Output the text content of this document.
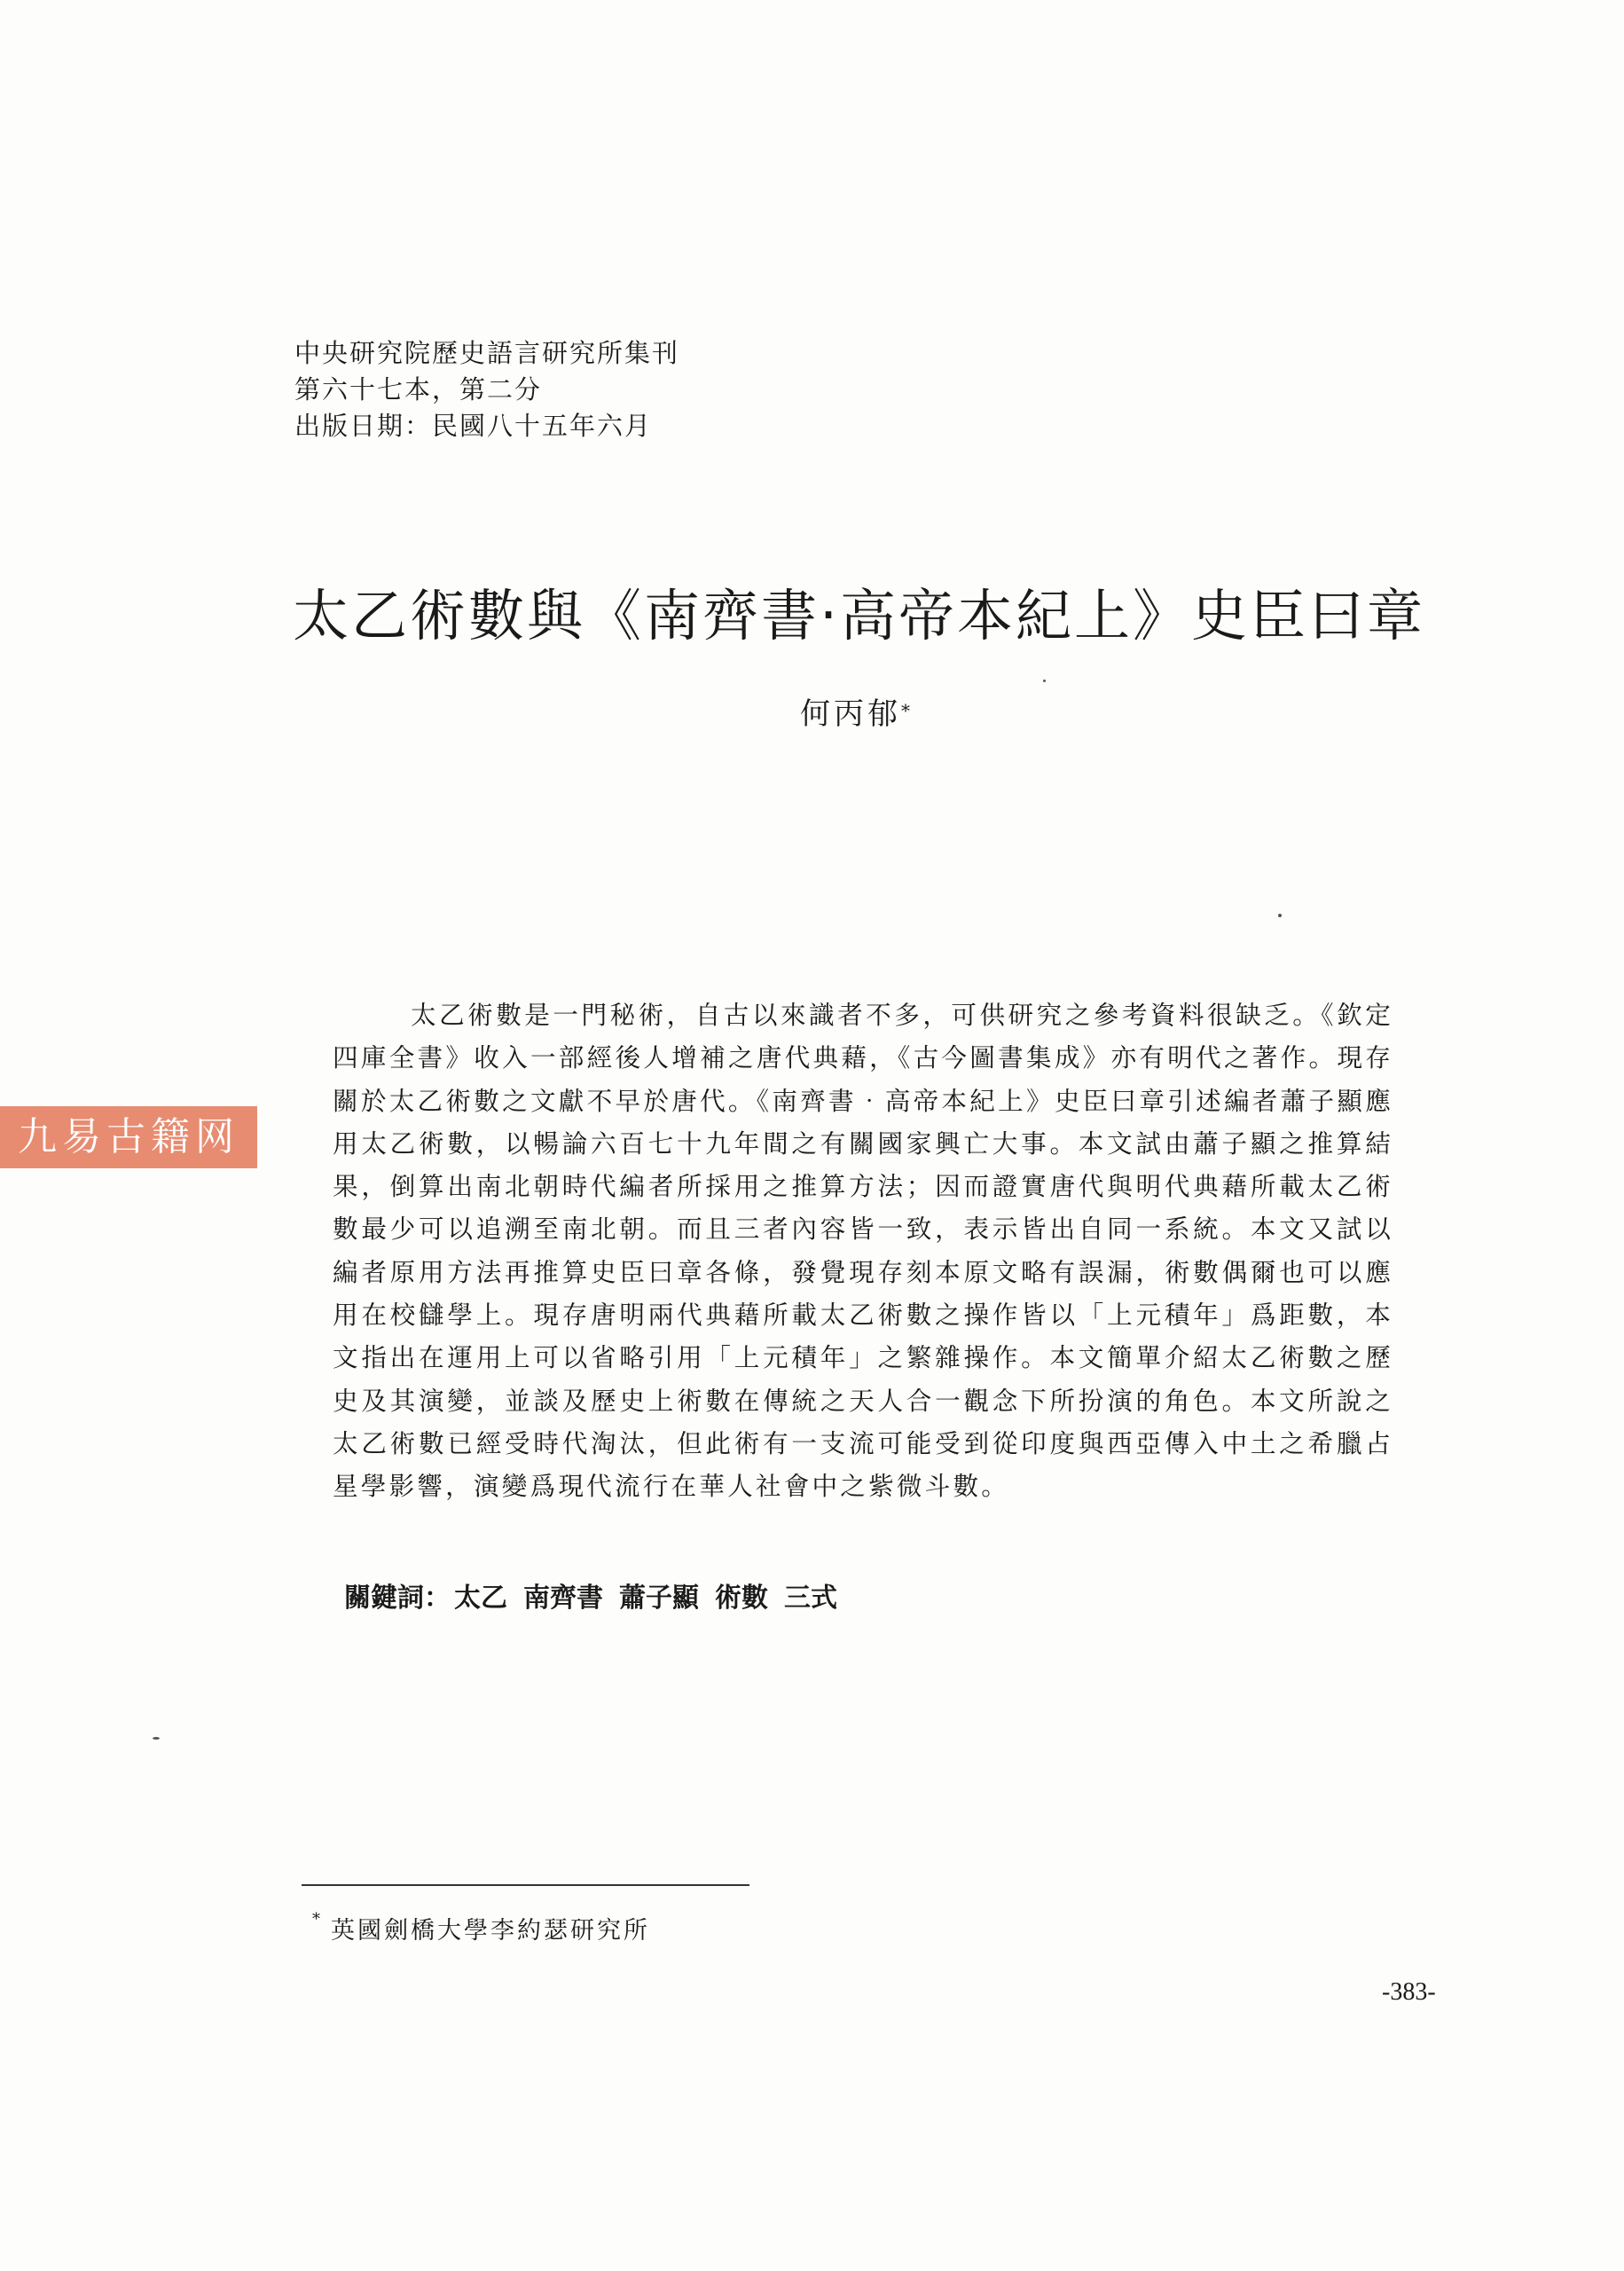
中央研究院歷史語言研究所集刊
第六十七本，第二分
出版日期：民國八十五年六月
太乙術數與《南齊書‧高帝本紀上》史臣曰章
何丙郁*

太乙術數是一門秘術，自古以來識者不多，可供研究之參考資料很缺乏。《欽定四庫全書》收入一部經後人增補之唐代典藉，《古今圖書集成》亦有明代之著作。現存關於太乙術數之文獻不早於唐代。《南齊書‧高帝本紀上》史臣曰章引述編者蕭子顯應用太乙術數，以暢論六百七十九年間之有關國家興亡大事。本文試由蕭子顯之推算結果，倒算出南北朝時代編者所採用之推算方法；因而證實唐代與明代典藉所載太乙術數最少可以追溯至南北朝。而且三者內容皆一致，表示皆出自同一系統。本文又試以編者原用方法再推算史臣曰章各條，發覺現存刻本原文略有誤漏，術數偶爾也可以應用在校讎學上。現存唐明兩代典藉所載太乙術數之操作皆以「上元積年」爲距數，本文指出在運用上可以省略引用「上元積年」之繁雜操作。本文簡單介紹太乙術數之歷史及其演變，並談及歷史上術數在傳統之天人合一觀念下所扮演的角色。本文所說之太乙術數已經受時代淘汰，但此術有一支流可能受到從印度與西亞傳入中土之希臘占星學影響，演變爲現代流行在華人社會中之紫微斗數。

關鍵詞： 太乙 南齊書 蕭子顯 術數 三式
* 英國劍橋大學李約瑟研究所
-383-
九易古籍网
